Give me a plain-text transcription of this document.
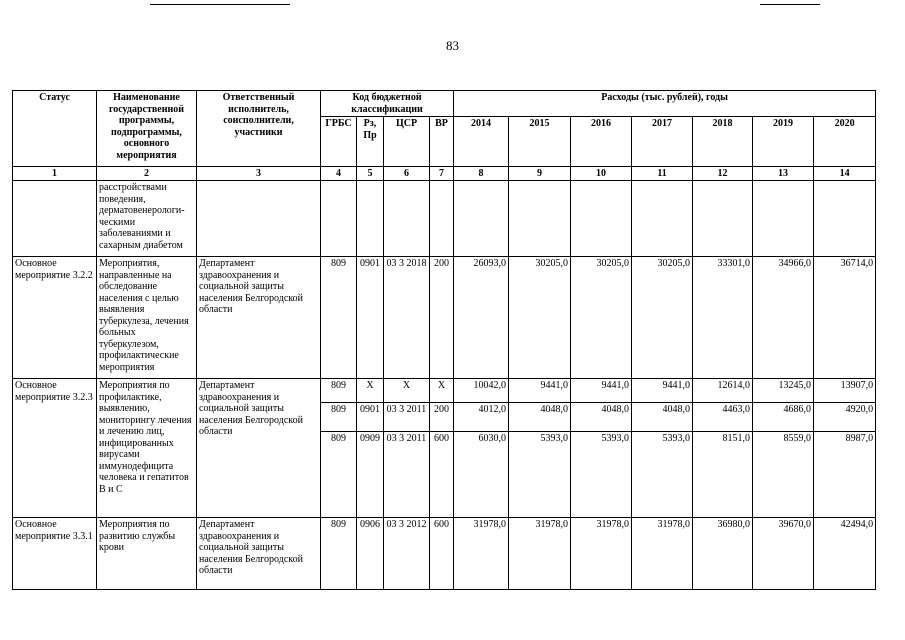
83
Статус	Наименование государственной программы, подпрограммы, основного мероприятия	Ответственный исполнитель, соисполнители, участники	Код бюджетной классификации				Расходы (тыс. рублей), годы						
			ГРБС	Рз, Пр	ЦСР	ВР	2014	2015	2016	2017	2018	2019	2020
1	2	3	4	5	6	7	8	9	10	11	12	13	14
	расстройствами поведения, дерматовенерологи-ческими заболеваниями и сахарным диабетом												
Основное мероприятие 3.2.2	Мероприятия, направленные на обследование населения с целью выявления туберкулеза, лечения больных туберкулезом, профилактические мероприятия	Департамент здравоохранения и социальной защиты населения Белгородской области	809	0901	03 3 2018	200	26093,0	30205,0	30205,0	30205,0	33301,0	34966,0	36714,0
Основное мероприятие 3.2.3	Мероприятия по профилактике, выявлению, мониторингу лечения и лечению лиц, инфицированных вирусами иммунодефицита человека и гепатитов В и С	Департамент здравоохранения и социальной защиты населения Белгородской области	809	X	X	X	10042,0	9441,0	9441,0	9441,0	12614,0	13245,0	13907,0
			809	0901	03 3 2011	200	4012,0	4048,0	4048,0	4048,0	4463,0	4686,0	4920,0
			809	0909	03 3 2011	600	6030,0	5393,0	5393,0	5393,0	8151,0	8559,0	8987,0
Основное мероприятие 3.3.1	Мероприятия по развитию службы крови	Департамент здравоохранения и социальной защиты населения Белгородской области	809	0906	03 3 2012	600	31978,0	31978,0	31978,0	31978,0	36980,0	39670,0	42494,0
